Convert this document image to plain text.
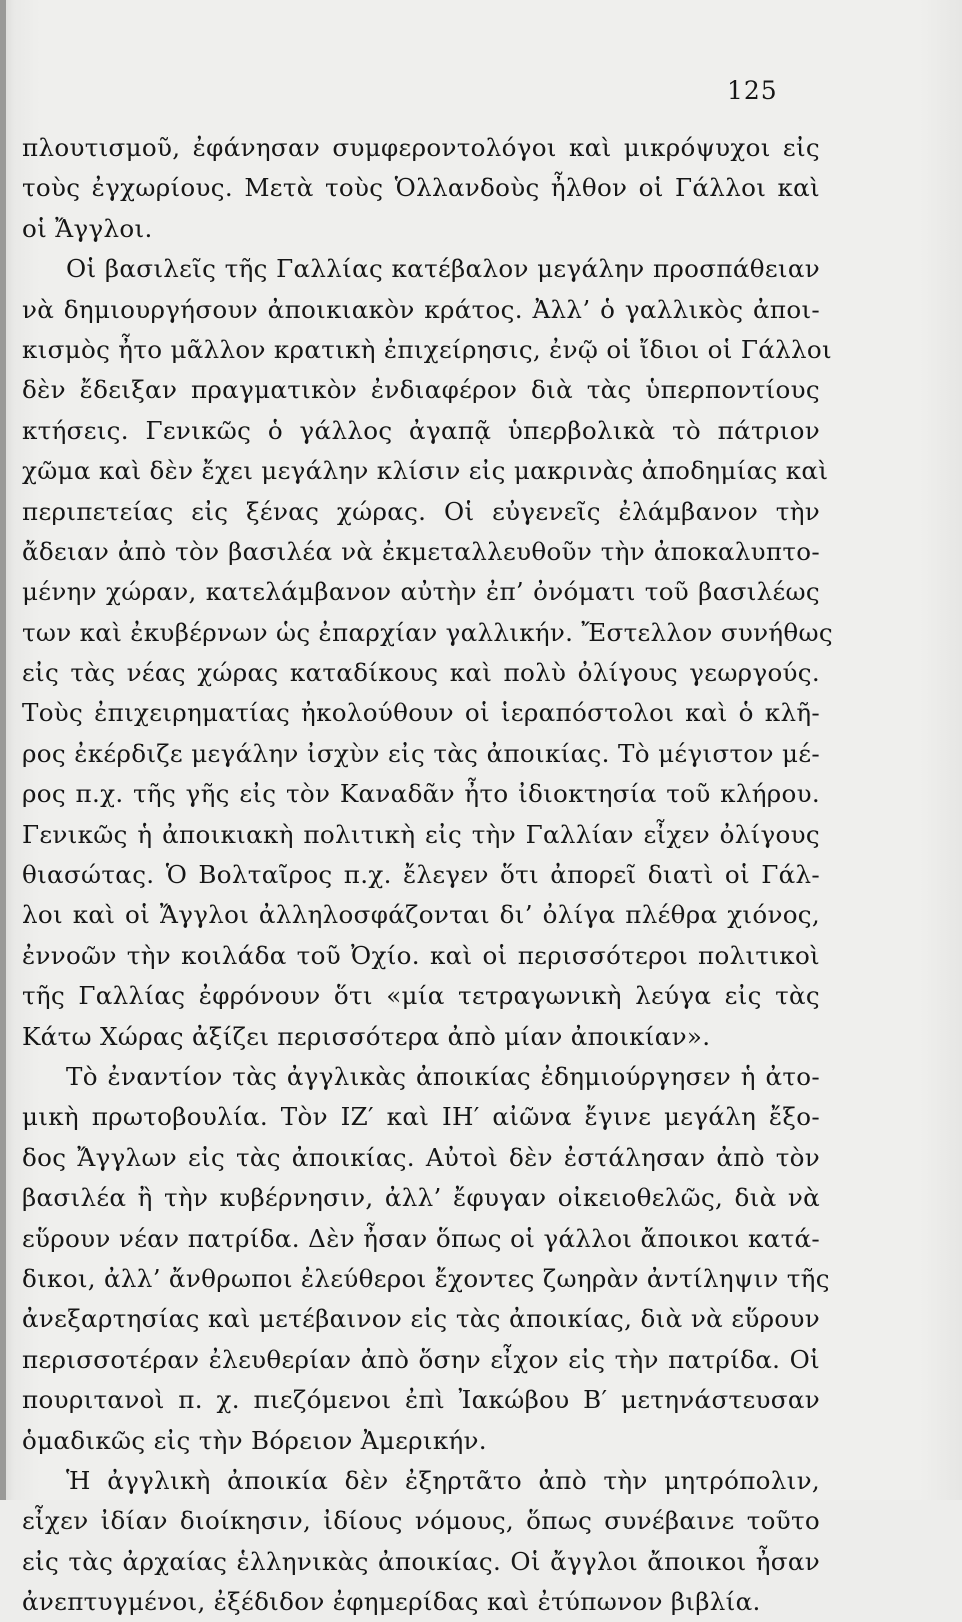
125
πλουτισμοῦ, ἐφάνησαν συμφεροντολόγοι καὶ μικρόψυχοι εἰς
τοὺς ἐγχωρίους. Μετὰ τοὺς Ὁλλανδοὺς ἦλθον οἱ Γάλλοι καὶ
οἱ Ἄγγλοι.
Οἱ βασιλεῖς τῆς Γαλλίας κατέβαλον μεγάλην προσπάθειαν
νὰ δημιουργήσουν ἀποικιακὸν κράτος. Ἀλλ’ ὁ γαλλικὸς ἀποι-
κισμὸς ἦτο μᾶλλον κρατικὴ ἐπιχείρησις, ἐνῷ οἱ ἴδιοι οἱ Γάλλοι
δὲν ἔδειξαν πραγματικὸν ἐνδιαφέρον διὰ τὰς ὑπερποντίους
κτήσεις. Γενικῶς ὁ γάλλος ἀγαπᾷ ὑπερβολικὰ τὸ πάτριον
χῶμα καὶ δὲν ἔχει μεγάλην κλίσιν εἰς μακρινὰς ἀποδημίας καὶ
περιπετείας εἰς ξένας χώρας. Οἱ εὐγενεῖς ἐλάμβανον τὴν
ἄδειαν ἀπὸ τὸν βασιλέα νὰ ἐκμεταλλευθοῦν τὴν ἀποκαλυπτο-
μένην χώραν, κατελάμβανον αὐτὴν ἐπ’ ὀνόματι τοῦ βασιλέως
των καὶ ἐκυβέρνων ὡς ἐπαρχίαν γαλλικήν. Ἔστελλον συνήθως
εἰς τὰς νέας χώρας καταδίκους καὶ πολὺ ὀλίγους γεωργούς.
Τοὺς ἐπιχειρηματίας ἠκολούθουν οἱ ἱεραπόστολοι καὶ ὁ κλῆ-
ρος ἐκέρδιζε μεγάλην ἰσχὺν εἰς τὰς ἀποικίας. Τὸ μέγιστον μέ-
ρος π.χ. τῆς γῆς εἰς τὸν Καναδᾶν ἦτο ἰδιοκτησία τοῦ κλήρου.
Γενικῶς ἡ ἀποικιακὴ πολιτικὴ εἰς τὴν Γαλλίαν εἶχεν ὀλίγους
θιασώτας. Ὁ Βολταῖρος π.χ. ἔλεγεν ὅτι ἀπορεῖ διατὶ οἱ Γάλ-
λοι καὶ οἱ Ἄγγλοι ἀλληλοσφάζονται δι’ ὀλίγα πλέθρα χιόνος,
ἐννοῶν τὴν κοιλάδα τοῦ Ὀχίο. καὶ οἱ περισσότεροι πολιτικοὶ
τῆς Γαλλίας ἐφρόνουν ὅτι «μία τετραγωνικὴ λεύγα εἰς τὰς
Κάτω Χώρας ἀξίζει περισσότερα ἀπὸ μίαν ἀποικίαν».
Τὸ ἐναντίον τὰς ἀγγλικὰς ἀποικίας ἐδημιούργησεν ἡ ἀτο-
μικὴ πρωτοβουλία. Τὸν ΙΖ′ καὶ ΙΗ′ αἰῶνα ἔγινε μεγάλη ἔξο-
δος Ἄγγλων εἰς τὰς ἀποικίας. Αὐτοὶ δὲν ἐστάλησαν ἀπὸ τὸν
βασιλέα ἢ τὴν κυβέρνησιν, ἀλλ’ ἔφυγαν οἰκειοθελῶς, διὰ νὰ
εὕρουν νέαν πατρίδα. Δὲν ἦσαν ὅπως οἱ γάλλοι ἄποικοι κατά-
δικοι, ἀλλ’ ἄνθρωποι ἐλεύθεροι ἔχοντες ζωηρὰν ἀντίληψιν τῆς
ἀνεξαρτησίας καὶ μετέβαινον εἰς τὰς ἀποικίας, διὰ νὰ εὕρουν
περισσοτέραν ἐλευθερίαν ἀπὸ ὅσην εἶχον εἰς τὴν πατρίδα. Οἱ
πουριτανοὶ π. χ. πιεζόμενοι ἐπὶ Ἰακώβου Β′ μετηνάστευσαν
ὁμαδικῶς εἰς τὴν Βόρειον Ἀμερικήν.
Ἡ ἀγγλικὴ ἀποικία δὲν ἐξηρτᾶτο ἀπὸ τὴν μητρόπολιν,
εἶχεν ἰδίαν διοίκησιν, ἰδίους νόμους, ὅπως συνέβαινε τοῦτο
εἰς τὰς ἀρχαίας ἑλληνικὰς ἀποικίας. Οἱ ἄγγλοι ἄποικοι ἦσαν
ἀνεπτυγμένοι, ἐξέδιδον ἐφημερίδας καὶ ἐτύπωνον βιβλία.
